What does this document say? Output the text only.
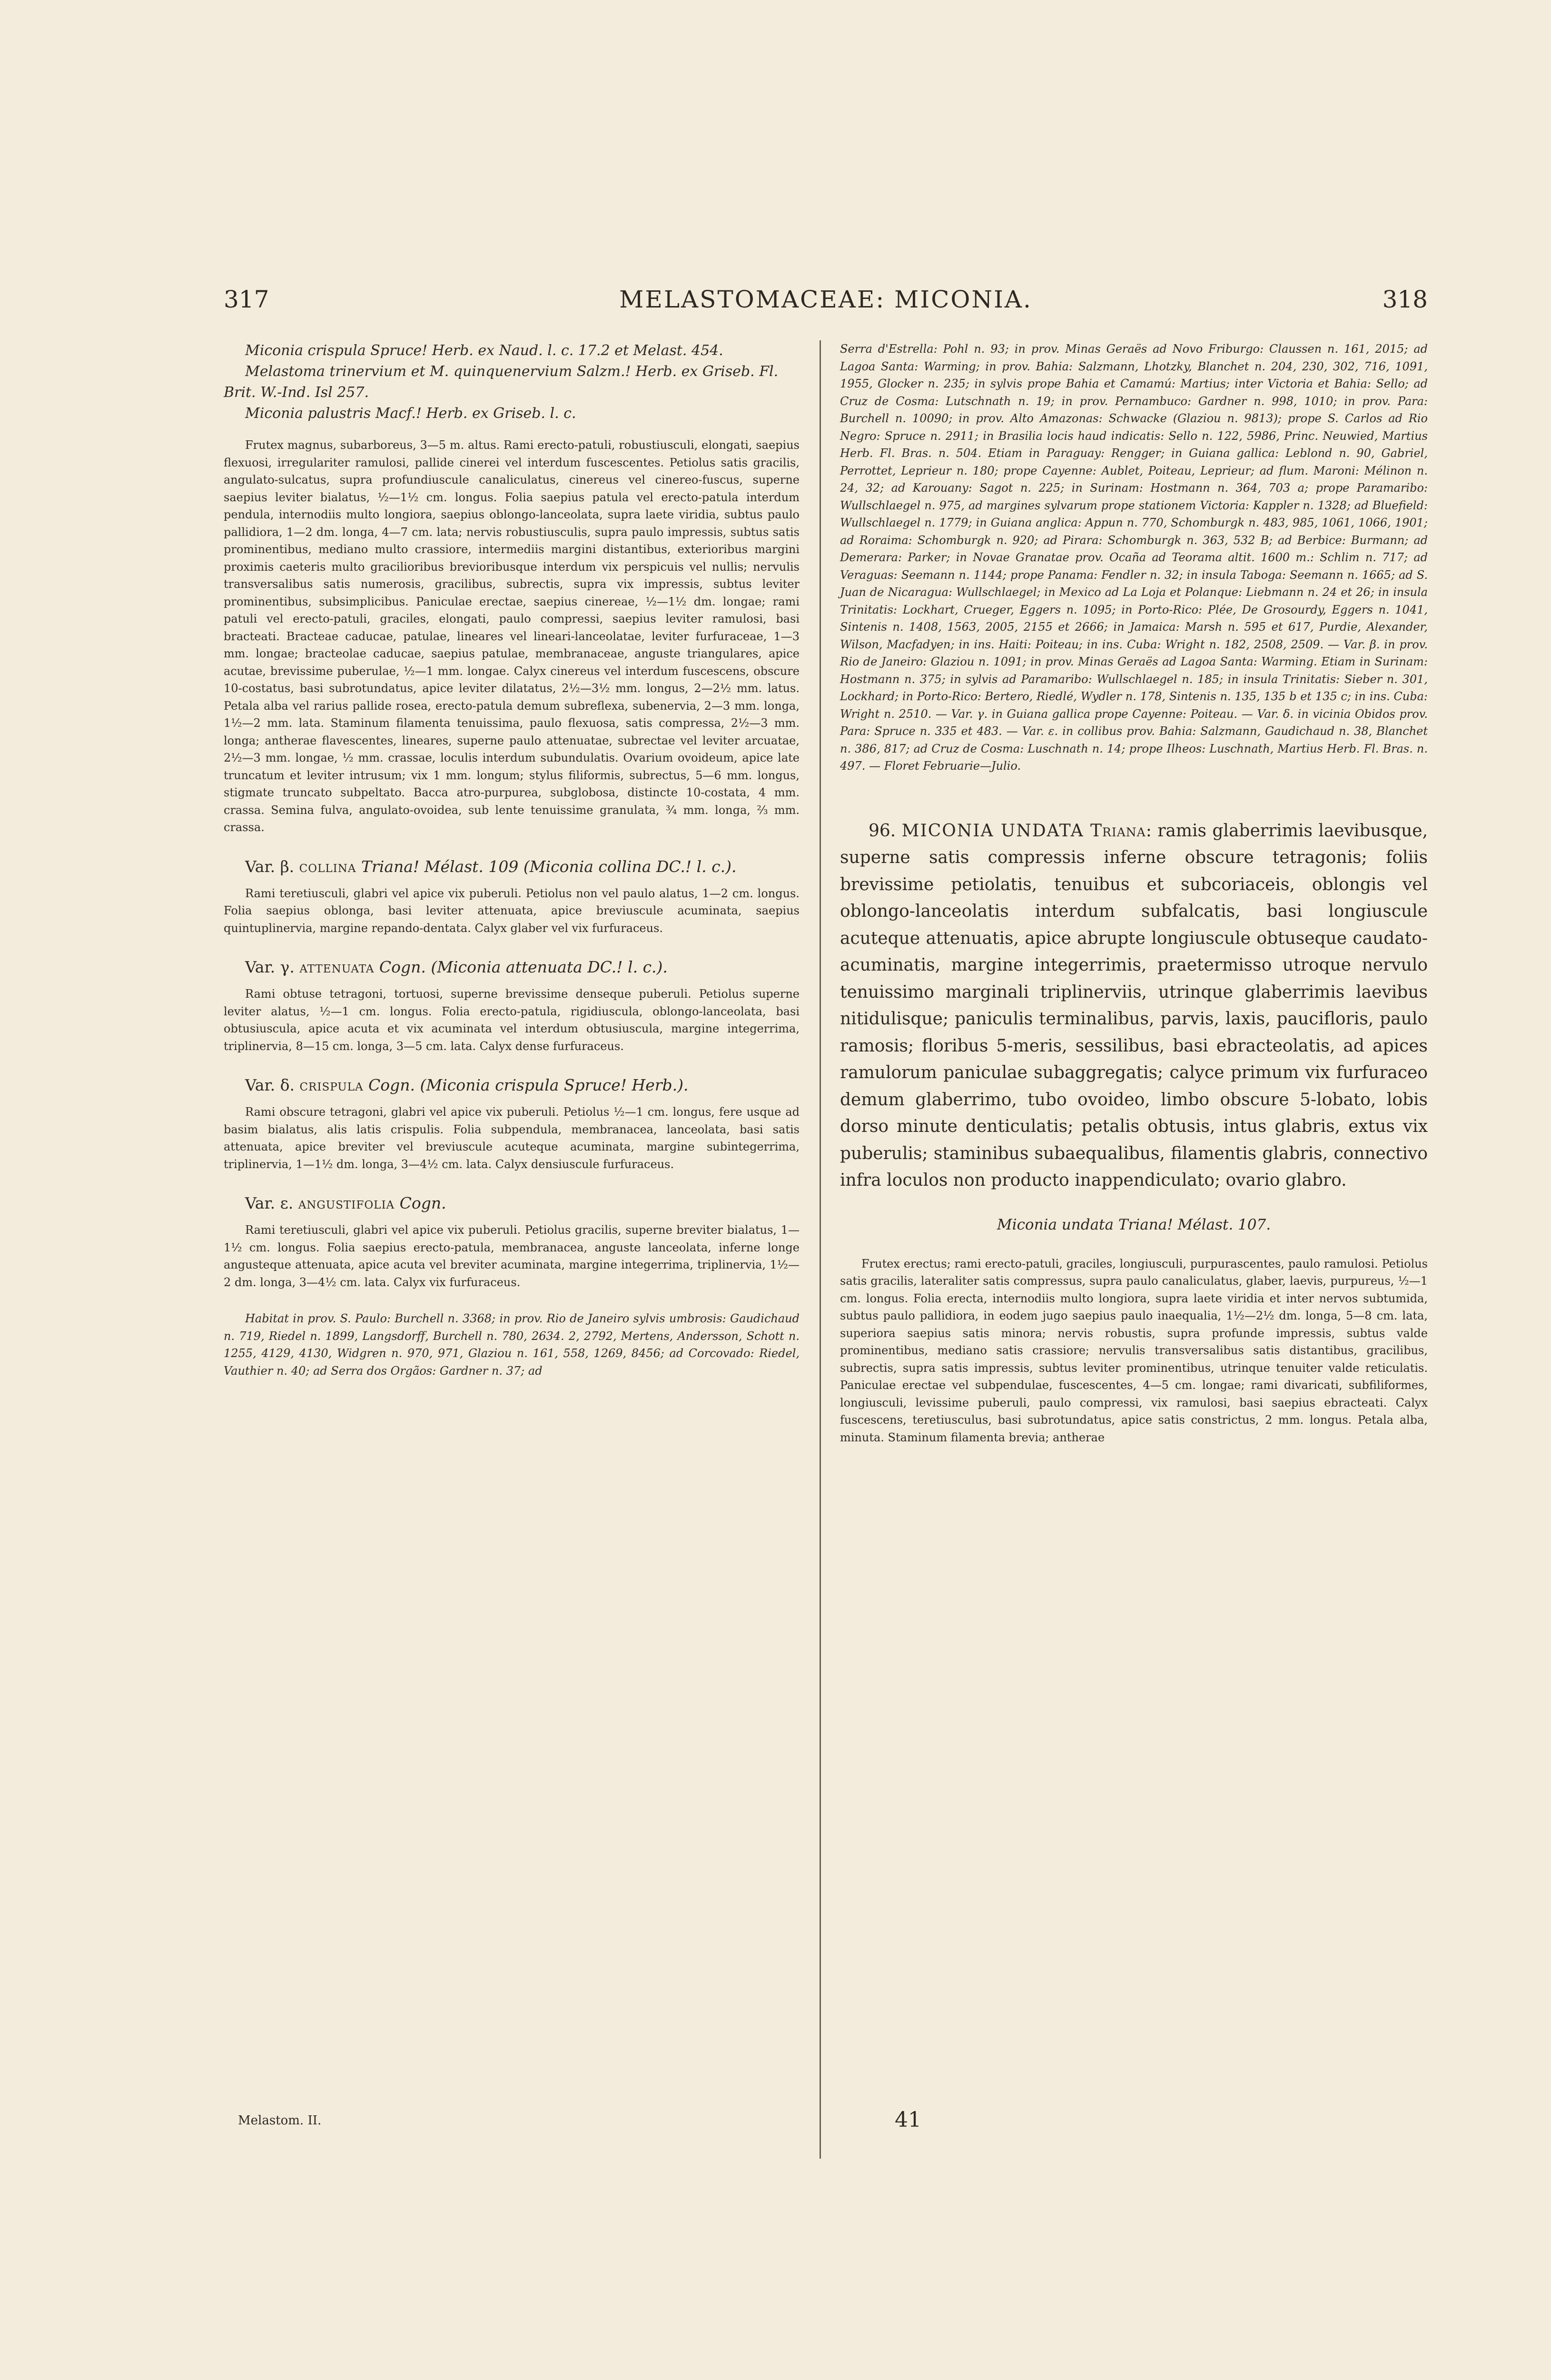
317	MELASTOMACEAE: MICONIA.	318

Miconia crispula Spruce! Herb. ex Naud. l. c. 17.2 et Melast. 454.

Melastoma trinervium et M. quinquenervium Salzm.! Herb. ex Griseb. Fl. Brit. W.-Ind. Isl 257.

Miconia palustris Macf.! Herb. ex Griseb. l. c.

Frutex magnus, subarboreus, 3—5 m. altus. Rami erecto-patuli, robustiusculi, elongati, saepius flexuosi, irregulariter ramulosi, pallide cinerei vel interdum fuscescentes. Petiolus satis gracilis, angulato-sulcatus, supra profundiuscule canaliculatus, cinereus vel cinereo-fuscus, superne saepius leviter bialatus, ½—1½ cm. longus. Folia saepius patula vel erecto-patula interdum pendula, internodiis multo longiora, saepius oblongo-lanceolata, supra laete viridia, subtus paulo pallidiora, 1—2 dm. longa, 4—7 cm. lata; nervis robustiusculis, supra paulo impressis, subtus satis prominentibus, mediano multo crassiore, intermediis margini distantibus, exterioribus margini proximis caeteris multo gracilioribus brevioribusque interdum vix perspicuis vel nullis; nervulis transversalibus satis numerosis, gracilibus, subrectis, supra vix impressis, subtus leviter prominentibus, subsimplicibus. Paniculae erectae, saepius cinereae, ½—1½ dm. longae; rami patuli vel erecto-patuli, graciles, elongati, paulo compressi, saepius leviter ramulosi, basi bracteati. Bracteae caducae, patulae, lineares vel lineari-lanceolatae, leviter furfuraceae, 1—3 mm. longae; bracteolae caducae, saepius patulae, membranaceae, anguste triangulares, apice acutae, brevissime puberulae, ½—1 mm. longae. Calyx cinereus vel interdum fuscescens, obscure 10-costatus, basi subrotundatus, apice leviter dilatatus, 2½—3½ mm. longus, 2—2½ mm. latus. Petala alba vel rarius pallide rosea, erecto-patula demum subreflexa, subenervia, 2—3 mm. longa, 1½—2 mm. lata. Staminum filamenta tenuissima, paulo flexuosa, satis compressa, 2½—3 mm. longa; antherae flavescentes, lineares, superne paulo attenuatae, subrectae vel leviter arcuatae, 2½—3 mm. longae, ½ mm. crassae, loculis interdum subundulatis. Ovarium ovoideum, apice late truncatum et leviter intrusum; vix 1 mm. longum; stylus filiformis, subrectus, 5—6 mm. longus, stigmate truncato subpeltato. Bacca atro-purpurea, subglobosa, distincte 10-costata, 4 mm. crassa. Semina fulva, angulato-ovoidea, sub lente tenuissime granulata, ¾ mm. longa, ⅔ mm. crassa.

Var. β. collina Triana! Mélast. 109 (Miconia collina DC.! l. c.).

Rami teretiusculi, glabri vel apice vix puberuli. Petiolus non vel paulo alatus, 1—2 cm. longus. Folia saepius oblonga, basi leviter attenuata, apice breviuscule acuminata, saepius quintuplinervia, margine repando-dentata. Calyx glaber vel vix furfuraceus.

Var. γ. attenuata Cogn. (Miconia attenuata DC.! l. c.).

Rami obtuse tetragoni, tortuosi, superne brevissime denseque puberuli. Petiolus superne leviter alatus, ½—1 cm. longus. Folia erecto-patula, rigidiuscula, oblongo-lanceolata, basi obtusiuscula, apice acuta et vix acuminata vel interdum obtusiuscula, margine integerrima, triplinervia, 8—15 cm. longa, 3—5 cm. lata. Calyx dense furfuraceus.

Var. δ. crispula Cogn. (Miconia crispula Spruce! Herb.).

Rami obscure tetragoni, glabri vel apice vix puberuli. Petiolus ½—1 cm. longus, fere usque ad basim bialatus, alis latis crispulis. Folia subpendula, membranacea, lanceolata, basi satis attenuata, apice breviter vel breviuscule acuteque acuminata, margine subintegerrima, triplinervia, 1—1½ dm. longa, 3—4½ cm. lata. Calyx densiuscule furfuraceus.

Var. ε. angustifolia Cogn.

Rami teretiusculi, glabri vel apice vix puberuli. Petiolus gracilis, superne breviter bialatus, 1—1½ cm. longus. Folia saepius erecto-patula, membranacea, anguste lanceolata, inferne longe angusteque attenuata, apice acuta vel breviter acuminata, margine integerrima, triplinervia, 1½—2 dm. longa, 3—4½ cm. lata. Calyx vix furfuraceus.

Habitat in prov. S. Paulo: Burchell n. 3368; in prov. Rio de Janeiro sylvis umbrosis: Gaudichaud n. 719, Riedel n. 1899, Langsdorff, Burchell n. 780, 2634. 2, 2792, Mertens, Andersson, Schott n. 1255, 4129, 4130, Widgren n. 970, 971, Glaziou n. 161, 558, 1269, 8456; ad Corcovado: Riedel, Vauthier n. 40; ad Serra dos Orgãos: Gardner n. 37; ad

Melastom. II.

Serra d'Estrella: Pohl n. 93; in prov. Minas Geraës ad Novo Friburgo: Claussen n. 161, 2015; ad Lagoa Santa: Warming; in prov. Bahia: Salzmann, Lhotzky, Blanchet n. 204, 230, 302, 716, 1091, 1955, Glocker n. 235; in sylvis prope Bahia et Camamú: Martius; inter Victoria et Bahia: Sello; ad Cruz de Cosma: Lutschnath n. 19; in prov. Pernambuco: Gardner n. 998, 1010; in prov. Para: Burchell n. 10090; in prov. Alto Amazonas: Schwacke (Glaziou n. 9813); prope S. Carlos ad Rio Negro: Spruce n. 2911; in Brasilia locis haud indicatis: Sello n. 122, 5986, Princ. Neuwied, Martius Herb. Fl. Bras. n. 504. Etiam in Paraguay: Rengger; in Guiana gallica: Leblond n. 90, Gabriel, Perrottet, Leprieur n. 180; prope Cayenne: Aublet, Poiteau, Leprieur; ad flum. Maroni: Mélinon n. 24, 32; ad Karouany: Sagot n. 225; in Surinam: Hostmann n. 364, 703 a; prope Paramaribo: Wullschlaegel n. 975, ad margines sylvarum prope stationem Victoria: Kappler n. 1328; ad Bluefield: Wullschlaegel n. 1779; in Guiana anglica: Appun n. 770, Schomburgk n. 483, 985, 1061, 1066, 1901; ad Roraima: Schomburgk n. 920; ad Pirara: Schomburgk n. 363, 532 B; ad Berbice: Burmann; ad Demerara: Parker; in Novae Granatae prov. Ocaña ad Teorama altit. 1600 m.: Schlim n. 717; ad Veraguas: Seemann n. 1144; prope Panama: Fendler n. 32; in insula Taboga: Seemann n. 1665; ad S. Juan de Nicaragua: Wullschlaegel; in Mexico ad La Loja et Polanque: Liebmann n. 24 et 26; in insula Trinitatis: Lockhart, Crueger, Eggers n. 1095; in Porto-Rico: Plée, De Grosourdy, Eggers n. 1041, Sintenis n. 1408, 1563, 2005, 2155 et 2666; in Jamaica: Marsh n. 595 et 617, Purdie, Alexander, Wilson, Macfadyen; in ins. Haiti: Poiteau; in ins. Cuba: Wright n. 182, 2508, 2509. — Var. β. in prov. Rio de Janeiro: Glaziou n. 1091; in prov. Minas Geraës ad Lagoa Santa: Warming. Etiam in Surinam: Hostmann n. 375; in sylvis ad Paramaribo: Wullschlaegel n. 185; in insula Trinitatis: Sieber n. 301, Lockhard; in Porto-Rico: Bertero, Riedlé, Wydler n. 178, Sintenis n. 135, 135 b et 135 c; in ins. Cuba: Wright n. 2510. — Var. γ. in Guiana gallica prope Cayenne: Poiteau. — Var. δ. in vicinia Obidos prov. Para: Spruce n. 335 et 483. — Var. ε. in collibus prov. Bahia: Salzmann, Gaudichaud n. 38, Blanchet n. 386, 817; ad Cruz de Cosma: Luschnath n. 14; prope Ilheos: Luschnath, Martius Herb. Fl. Bras. n. 497. — Floret Februarie—Julio.

96. MICONIA UNDATA Triana: ramis glaberrimis laevibusque, superne satis compressis inferne obscure tetragonis; foliis brevissime petiolatis, tenuibus et subcoriaceis, oblongis vel oblongo-lanceolatis interdum subfalcatis, basi longiuscule acuteque attenuatis, apice abrupte longiuscule obtuseque caudato-acuminatis, margine integerrimis, praetermisso utroque nervulo tenuissimo marginali triplinerviis, utrinque glaberrimis laevibus nitidulisque; paniculis terminalibus, parvis, laxis, paucifloris, paulo ramosis; floribus 5-meris, sessilibus, basi ebracteolatis, ad apices ramulorum paniculae subaggregatis; calyce primum vix furfuraceo demum glaberrimo, tubo ovoideo, limbo obscure 5-lobato, lobis dorso minute denticulatis; petalis obtusis, intus glabris, extus vix puberulis; staminibus subaequalibus, filamentis glabris, connectivo infra loculos non producto inappendiculato; ovario glabro.

Miconia undata Triana! Mélast. 107.

Frutex erectus; rami erecto-patuli, graciles, longiusculi, purpurascentes, paulo ramulosi. Petiolus satis gracilis, lateraliter satis compressus, supra paulo canaliculatus, glaber, laevis, purpureus, ½—1 cm. longus. Folia erecta, internodiis multo longiora, supra laete viridia et inter nervos subtumida, subtus paulo pallidiora, in eodem jugo saepius paulo inaequalia, 1½—2½ dm. longa, 5—8 cm. lata, superiora saepius satis minora; nervis robustis, supra profunde impressis, subtus valde prominentibus, mediano satis crassiore; nervulis transversalibus satis distantibus, gracilibus, subrectis, supra satis impressis, subtus leviter prominentibus, utrinque tenuiter valde reticulatis. Paniculae erectae vel subpendulae, fuscescentes, 4—5 cm. longae; rami divaricati, subfiliformes, longiusculi, levissime puberuli, paulo compressi, vix ramulosi, basi saepius ebracteati. Calyx fuscescens, teretiusculus, basi subrotundatus, apice satis constrictus, 2 mm. longus. Petala alba, minuta. Staminum filamenta brevia; antherae

41
